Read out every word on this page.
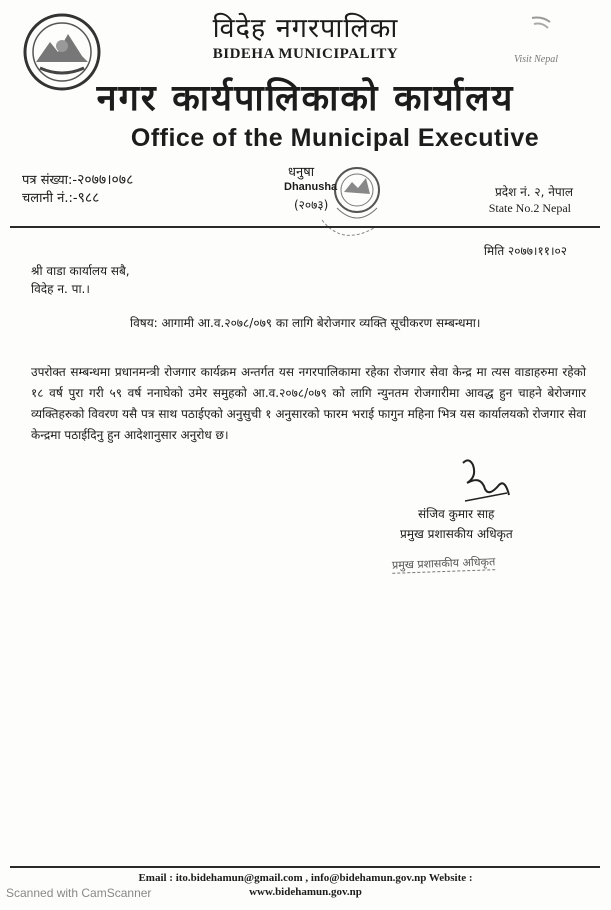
Visit Nepal
विदेह नगरपालिका
BIDEHA MUNICIPALITY
नगर कार्यपालिकाको कार्यालय
Office of the Municipal Executive
पत्र संख्या:-२०७७।०७८
चलानी नं.:-९८८
धनुषा
Dhanusha
(२०७३)
प्रदेश नं. २, नेपाल
State No.2 Nepal
मिति २०७७।११।०२
श्री वाडा कार्यालय सबै,
विदेह न. पा.।
विषय: आगामी आ.व.२०७८/०७९ का लागि बेरोजगार व्यक्ति सूचीकरण सम्बन्धमा।
उपरोक्त सम्बन्धमा प्रधानमन्त्री रोजगार कार्यक्रम अन्तर्गत यस नगरपालिकामा रहेका रोजगार सेवा केन्द्र मा त्यस वाडाहरुमा रहेको १८ वर्ष पुरा गरी ५९ वर्ष ननाघेको उमेर समुहको आ.व.२०७८/०७९ को लागि न्युनतम रोजगारीमा आवद्ध हुन चाहने बेरोजगार व्यक्तिहरुको विवरण यसै पत्र साथ पठाईएको अनुसुची १ अनुसारको फारम भराई फागुन महिना भित्र यस कार्यालयको रोजगार सेवा केन्द्रमा पठाईदिनु हुन आदेशानुसार अनुरोध छ।
संजिव कुमार साह
प्रमुख प्रशासकीय अधिकृत
प्रमुख प्रशासकीय अधिकृत
Email : ito.bidehamun@gmail.com , info@bidehamun.gov.np Website :
www.bidehamun.gov.np
Scanned with CamScanner
